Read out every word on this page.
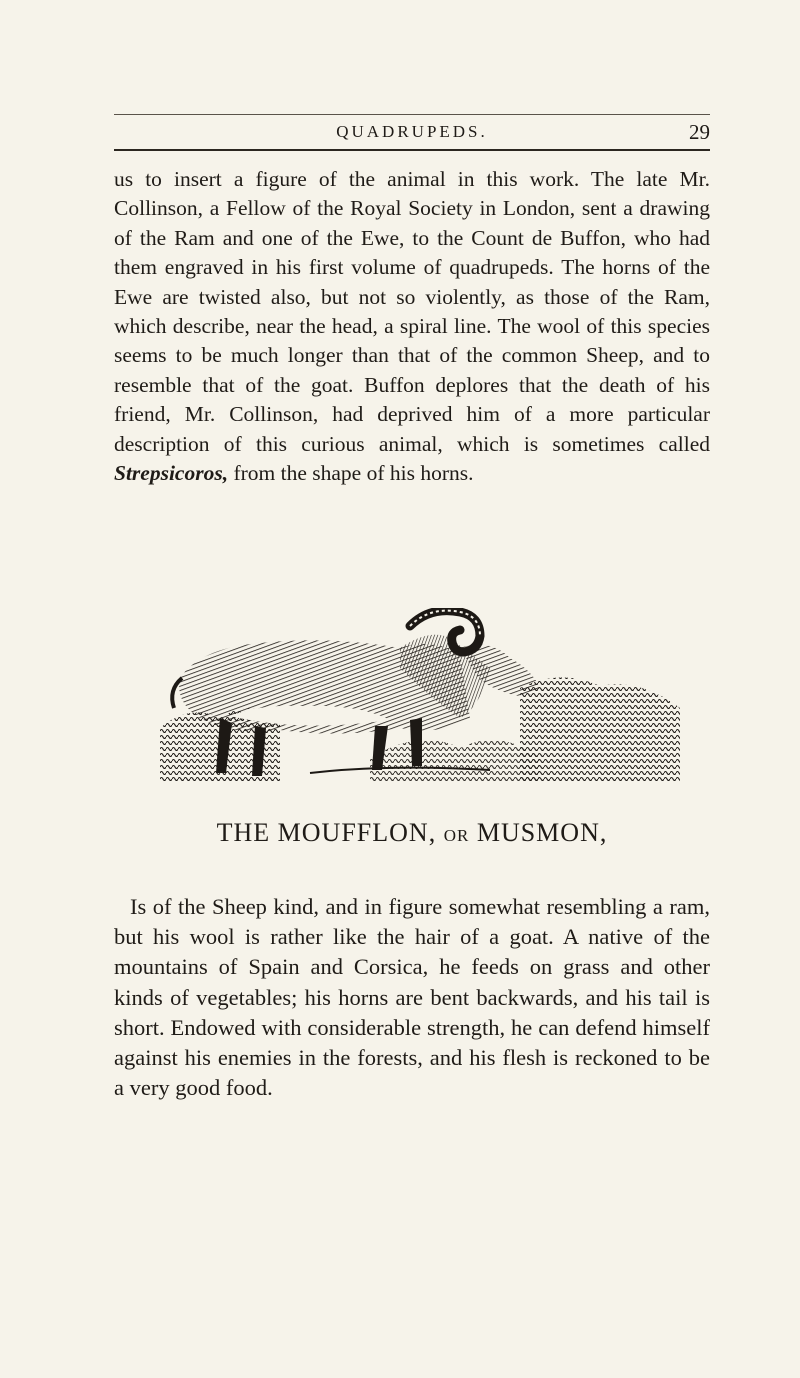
QUADRUPEDS.	29

us to insert a figure of the animal in this work. The late Mr. Collinson, a Fellow of the Royal Society in London, sent a drawing of the Ram and one of the Ewe, to the Count de Buffon, who had them engraved in his first volume of quadrupeds. The horns of the Ewe are twisted also, but not so violently, as those of the Ram, which describe, near the head, a spiral line. The wool of this species seems to be much longer than that of the common Sheep, and to resemble that of the goat. Buffon deplores that the death of his friend, Mr. Collinson, had deprived him of a more particular description of this curious animal, which is sometimes called Strepsicoros, from the shape of his horns.

THE MOUFFLON, OR MUSMON,

Is of the Sheep kind, and in figure somewhat resembling a ram, but his wool is rather like the hair of a goat. A native of the mountains of Spain and Corsica, he feeds on grass and other kinds of vegetables; his horns are bent backwards, and his tail is short. Endowed with considerable strength, he can defend himself against his enemies in the forests, and his flesh is reckoned to be a very good food.
